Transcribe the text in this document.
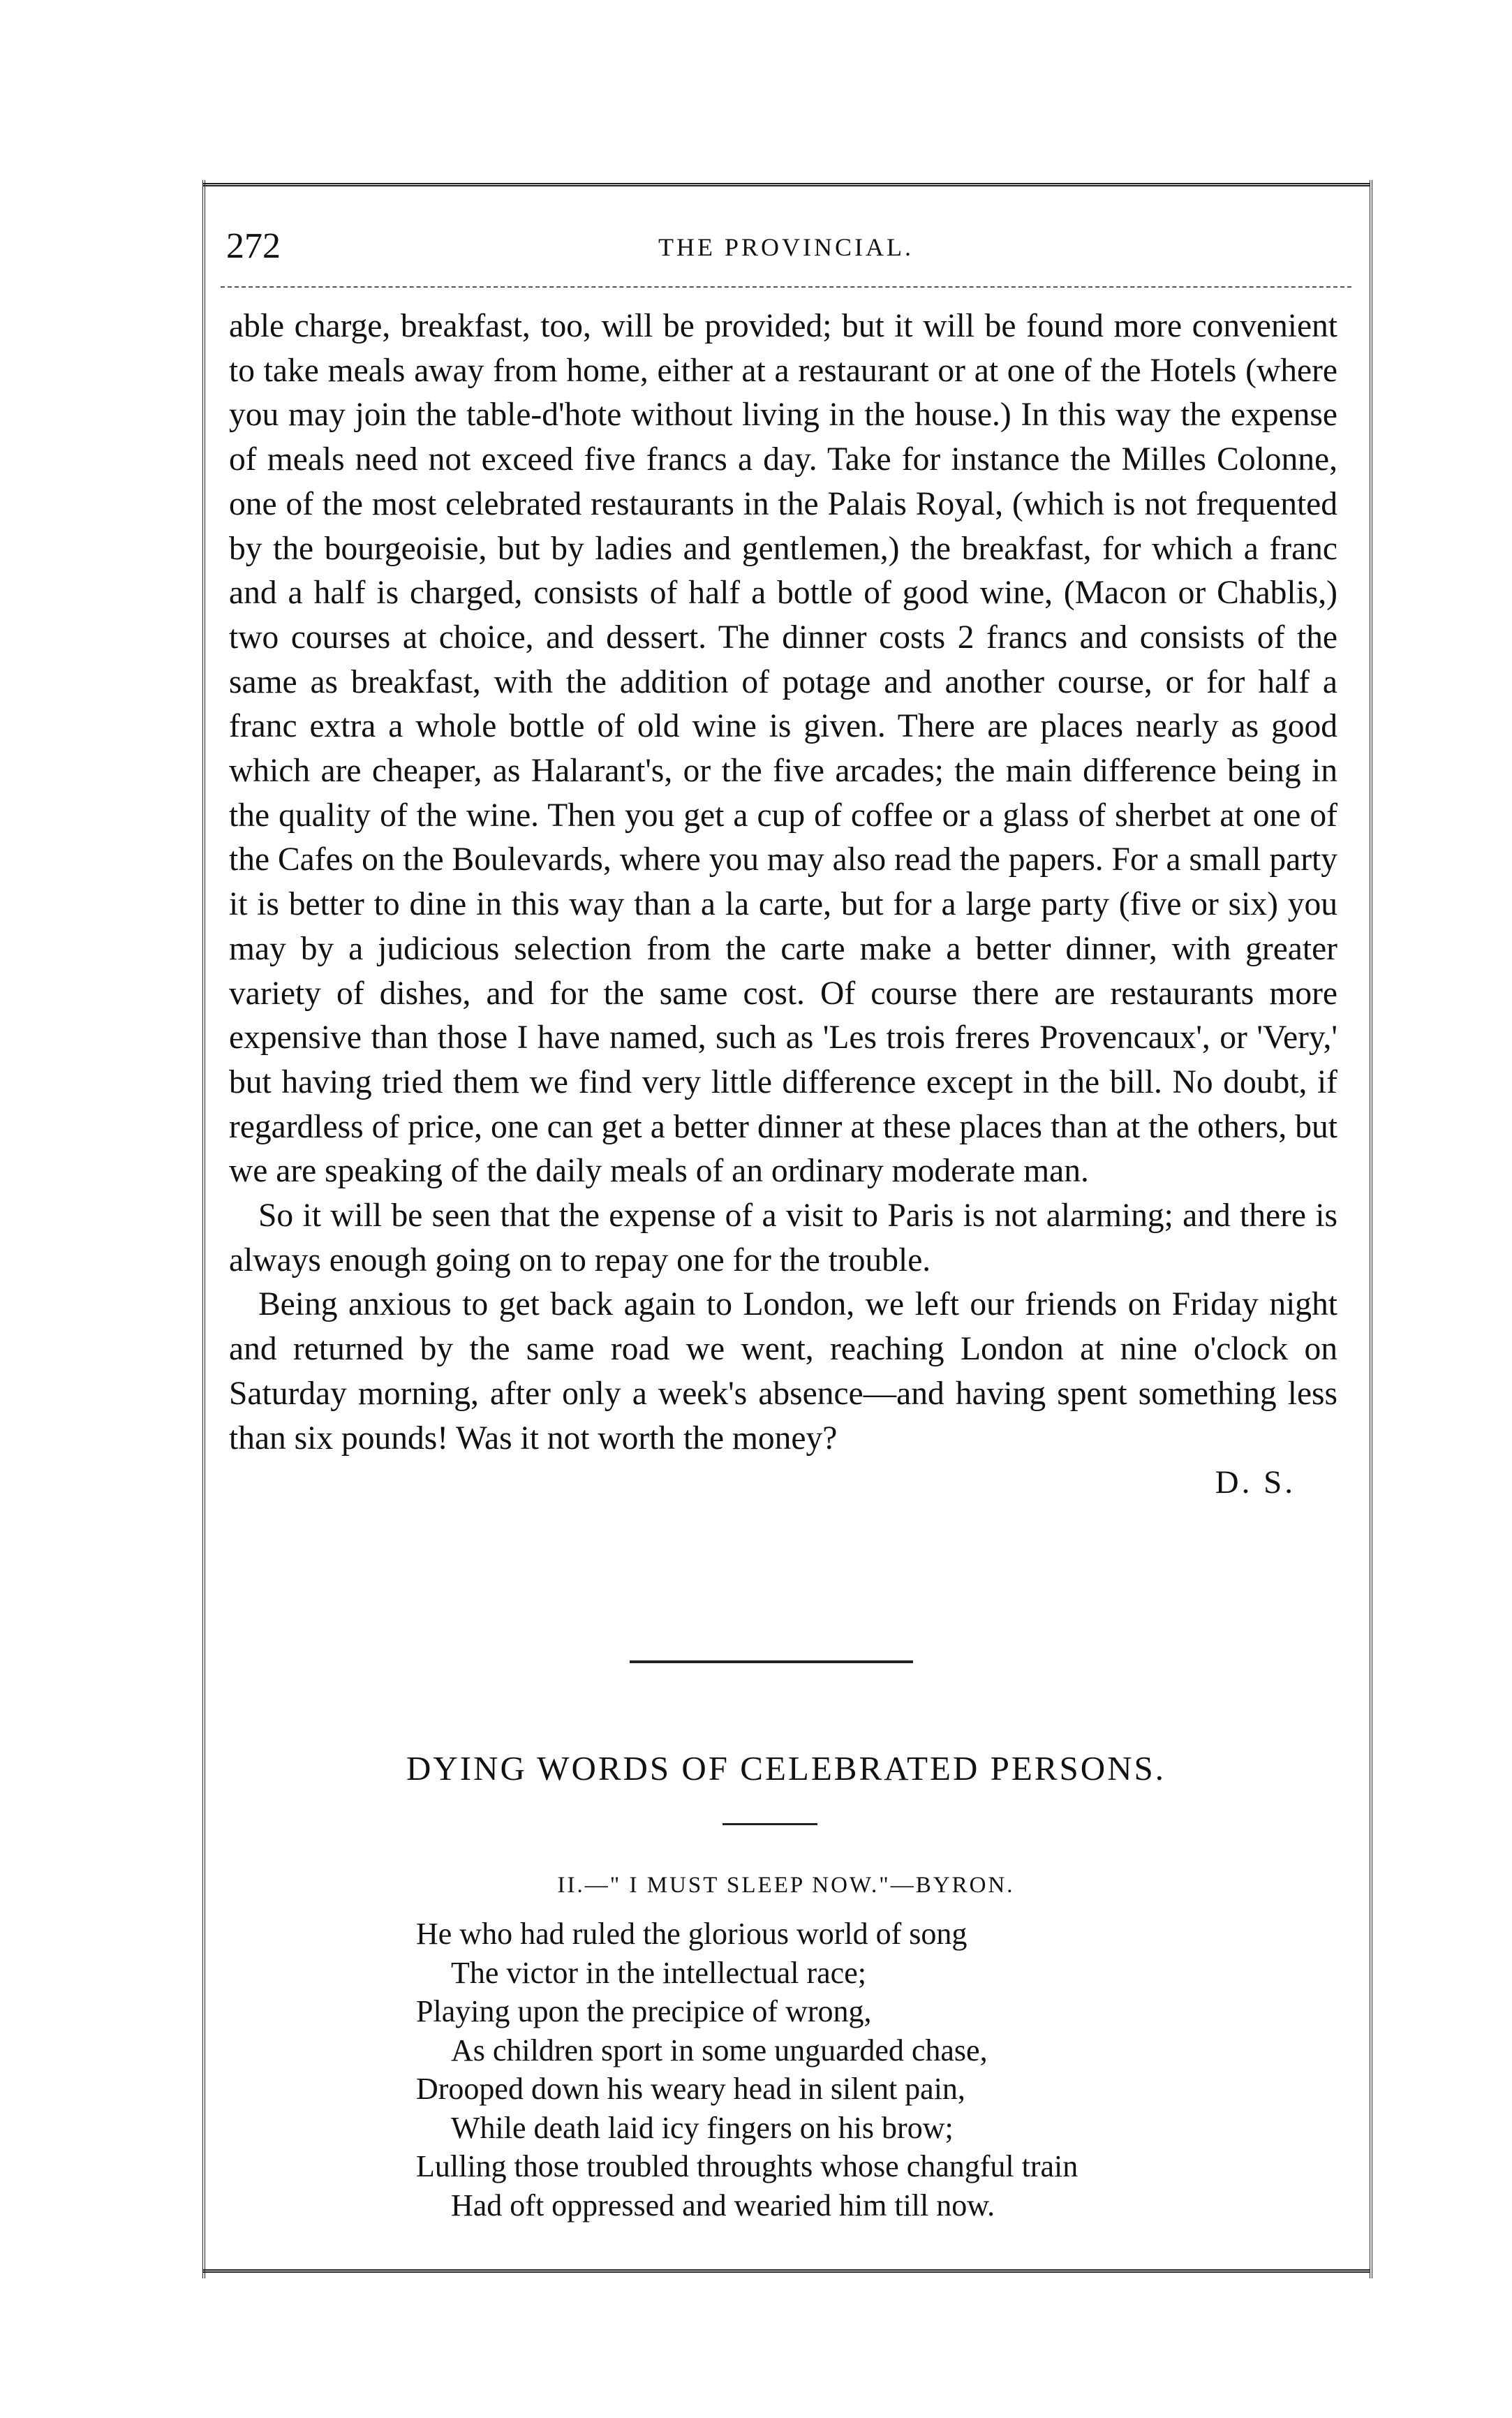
272	THE PROVINCIAL.

able charge, breakfast, too, will be provided; but it will be found more convenient to take meals away from home, either at a restaurant or at one of the Hotels (where you may join the table-d'hote without living in the house.) In this way the expense of meals need not exceed five francs a day. Take for instance the Milles Colonne, one of the most celebrated restaurants in the Palais Royal, (which is not frequented by the bourgeoisie, but by ladies and gentlemen,) the breakfast, for which a franc and a half is charged, consists of half a bottle of good wine, (Macon or Chablis,) two courses at choice, and dessert. The dinner costs 2 francs and consists of the same as breakfast, with the addition of potage and another course, or for half a franc extra a whole bottle of old wine is given. There are places nearly as good which are cheaper, as Halarant's, or the five arcades; the main difference being in the quality of the wine. Then you get a cup of coffee or a glass of sherbet at one of the Cafes on the Boulevards, where you may also read the papers. For a small party it is better to dine in this way than a la carte, but for a large party (five or six) you may by a judicious selection from the carte make a better dinner, with greater variety of dishes, and for the same cost. Of course there are restaurants more expensive than those I have named, such as 'Les trois freres Provencaux', or 'Very,' but having tried them we find very little difference except in the bill. No doubt, if regardless of price, one can get a better dinner at these places than at the others, but we are speaking of the daily meals of an ordinary moderate man.

So it will be seen that the expense of a visit to Paris is not alarming; and there is always enough going on to repay one for the trouble.

Being anxious to get back again to London, we left our friends on Friday night and returned by the same road we went, reaching London at nine o'clock on Saturday morning, after only a week's absence—and having spent something less than six pounds! Was it not worth the money?

D. S.
DYING WORDS OF CELEBRATED PERSONS.
II.—" I MUST SLEEP NOW."—BYRON.
He who had ruled the glorious world of song
The victor in the intellectual race;
Playing upon the precipice of wrong,
As children sport in some unguarded chase,
Drooped down his weary head in silent pain,
While death laid icy fingers on his brow;
Lulling those troubled throughts whose changful train
Had oft oppressed and wearied him till now.
